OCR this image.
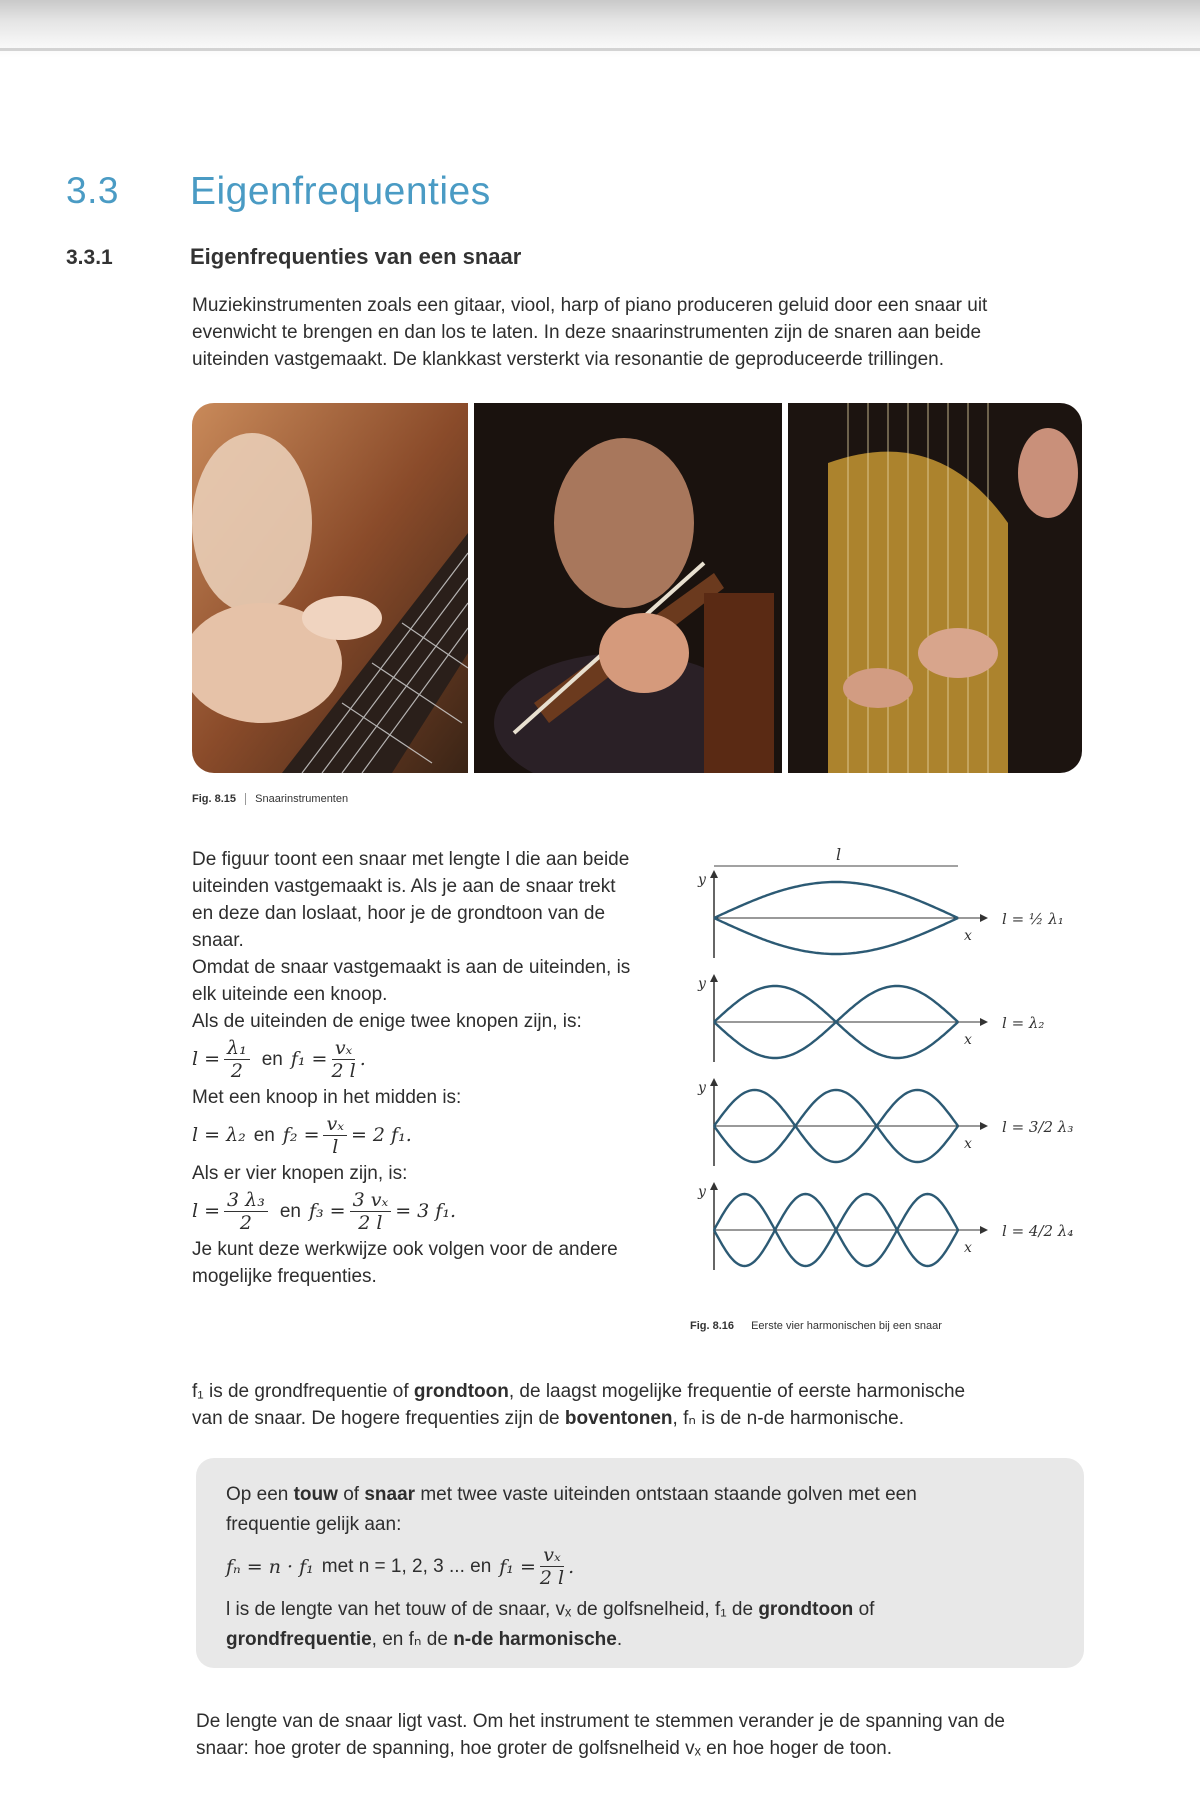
3.3 Eigenfrequenties
3.3.1	Eigenfrequenties van een snaar
Muziekinstrumenten zoals een gitaar, viool, harp of piano produceren geluid door een snaar uit
evenwicht te brengen en dan los te laten. In deze snaarinstrumenten zijn de snaren aan beide
uiteinden vastgemaakt. De klankkast versterkt via resonantie de geproduceerde trillingen.
Fig. 8.15 Snaarinstrumenten

De figuur toont een snaar met lengte l die aan beide uiteinden vastgemaakt is. Als je aan de snaar trekt en deze dan loslaat, hoor je de grondtoon van de snaar.

Omdat de snaar vastgemaakt is aan de uiteinden, is elk uiteinde een knoop.

Als de uiteinden de enige twee knopen zijn, is:

$l = \frac{\text{λ₁}}{2}$ en $f_1 = \frac{\text{vₓ}}{2 l}$ .

Met een knoop in het midden is:

l = λ₂ en $f_2 = \frac{\text{vₓ}}{l} = 2$ f₁.

Als er vier knopen zijn, is:

$l = \frac{\text{3 λ₃}}{2}$ en $f_3 = \frac{\text{3 vₓ}}{2 l} = 3$ f₁.

Je kunt deze werkwijze ook volgen voor de andere mogelijke frequenties.

l
y
x
l = ½ λ₁
y
x
l = λ₂
y
x
l = 3/2 λ₃
y
x
l = 4/2 λ₄
Fig. 8.16 Eerste vier harmonischen bij een snaar
f₁ is de grondfrequentie of grondtoon, de laagst mogelijke frequentie of eerste harmonische
van de snaar. De hogere frequenties zijn de boventonen, fₙ is de n-de harmonische.

Op een touw of snaar met twee vaste uiteinden ontstaan staande golven met een

frequentie gelijk aan:

fₙ = n · f₁ met n = 1, 2, 3 ... en $f_1 = \frac{\text{vₓ}}{2 l}$ .

l is de lengte van het touw of de snaar, vₓ de golfsnelheid, f₁ de grondtoon of

grondfrequentie, en fₙ de n-de harmonische.

De lengte van de snaar ligt vast. Om het instrument te stemmen verander je de spanning van de
snaar: hoe groter de spanning, hoe groter de golfsnelheid vₓ en hoe hoger de toon.
